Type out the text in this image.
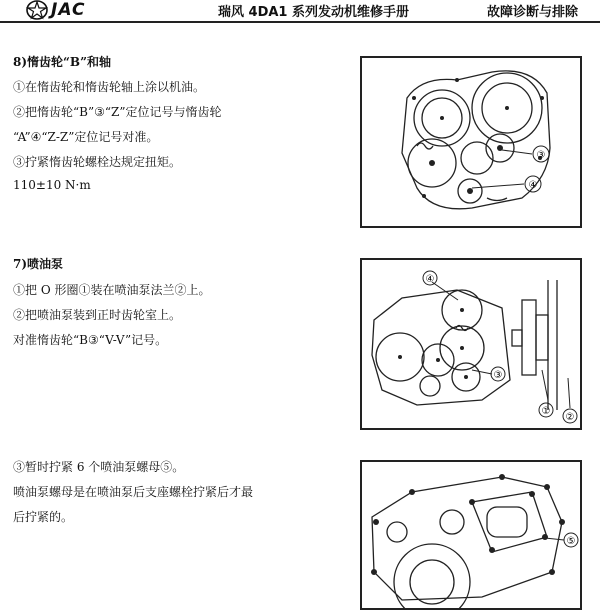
JAC	瑞风 4DA1 系列发动机维修手册	故障诊断与排除
8)惰齿轮“B”和轴
①在惰齿轮和惰齿轮轴上涂以机油。
②把惰齿轮“B”③“Z”定位记号与惰齿轮
“A”④“Z-Z”定位记号对准。
③拧紧惰齿轮螺栓达规定扭矩。
110±10 N·m
③
④
7)喷油泵
①把 O 形圈①装在喷油泵法兰②上。
②把喷油泵装到正时齿轮室上。
对准惰齿轮“B③“V-V”记号。
④
③
①
②
③暂时拧紧 6 个喷油泵螺母⑤。
喷油泵螺母是在喷油泵后支座螺栓拧紧后才最
后拧紧的。
⑤
